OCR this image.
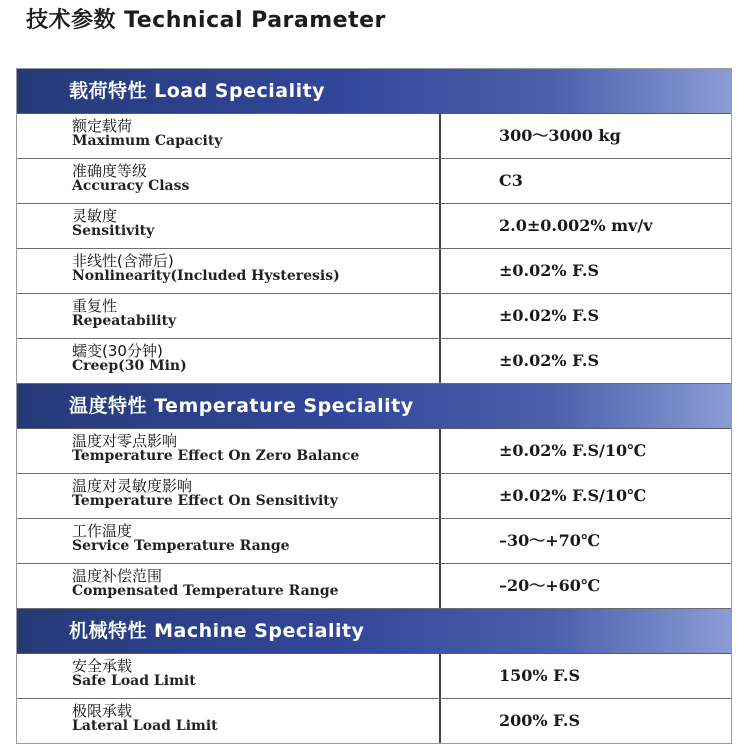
技术参数 Technical Parameter
载荷特性 Load Speciality
额定载荷
Maximum Capacity	300～3000 kg
准确度等级
Accuracy Class	C3
灵敏度
Sensitivity	2.0±0.002% mv/v
非线性(含滞后)
Nonlinearity(Included Hysteresis)	±0.02% F.S
重复性
Repeatability	±0.02% F.S
蠕变(30分钟)
Creep(30 Min)	±0.02% F.S
温度特性 Temperature Speciality
温度对零点影响
Temperature Effect On Zero Balance	±0.02% F.S/10℃
温度对灵敏度影响
Temperature Effect On Sensitivity	±0.02% F.S/10℃
工作温度
Service Temperature Range	–30～+70℃
温度补偿范围
Compensated Temperature Range	–20～+60℃
机械特性 Machine Speciality
安全承载
Safe Load Limit	150% F.S
极限承载
Lateral Load Limit	200% F.S
